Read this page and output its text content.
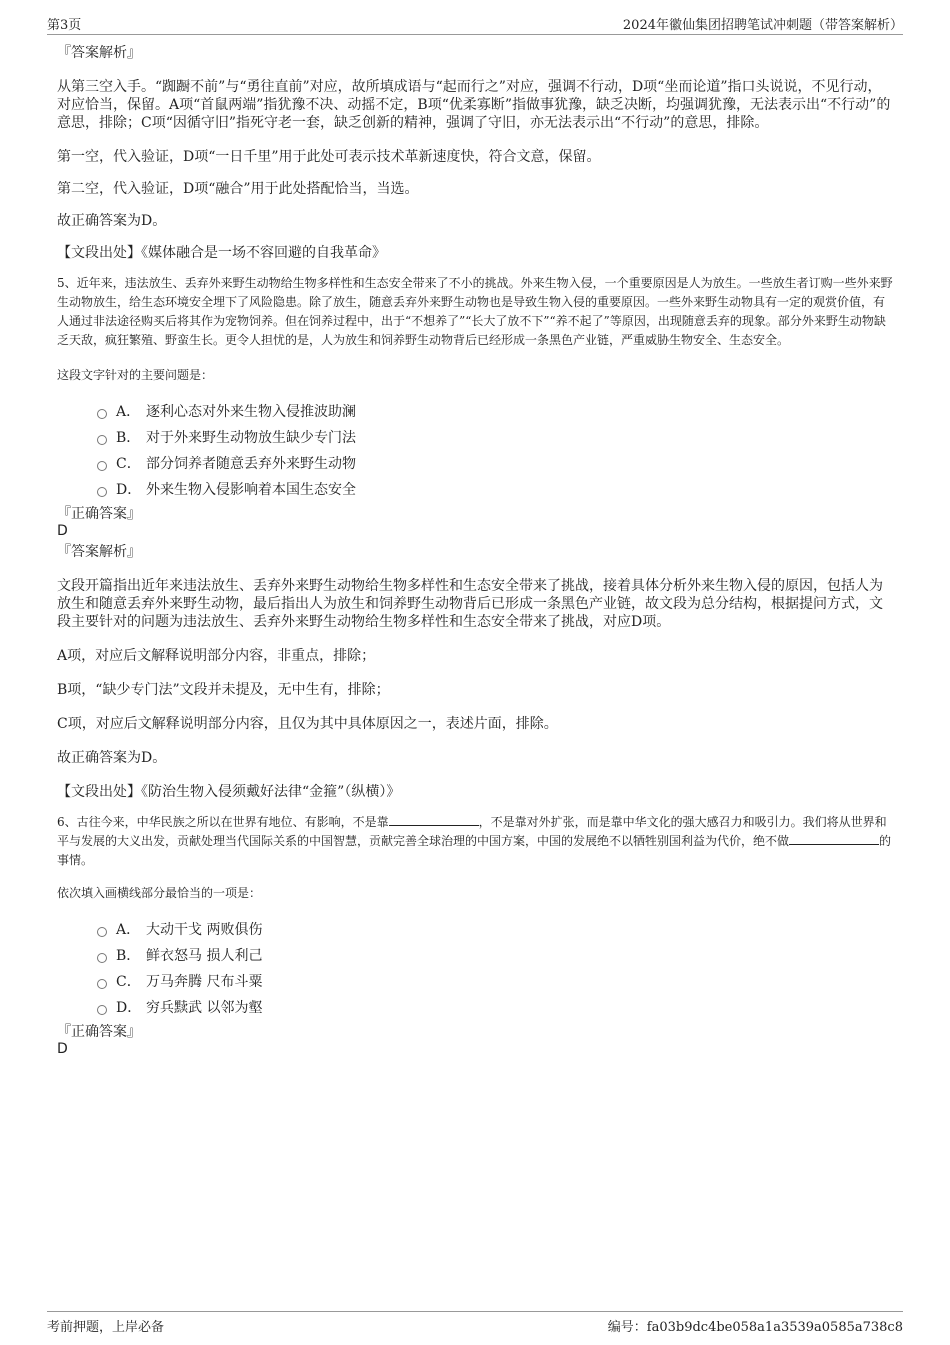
第3页	2024年徽仙集团招聘笔试冲刺题（带答案解析）

『答案解析』

从第三空入手。“踟蹰不前”与“勇往直前”对应，故所填成语与“起而行之”对应，强调不行动，D项“坐而论道”指口头说说，不见行动，对应恰当，保留。A项“首鼠两端”指犹豫不决、动摇不定，B项“优柔寡断”指做事犹豫，缺乏决断，均强调犹豫，无法表示出“不行动”的意思，排除；C项“因循守旧”指死守老一套，缺乏创新的精神，强调了守旧，亦无法表示出“不行动”的意思，排除。

第一空，代入验证，D项“一日千里”用于此处可表示技术革新速度快，符合文意，保留。

第二空，代入验证，D项“融合”用于此处搭配恰当，当选。

故正确答案为D。

【文段出处】《媒体融合是一场不容回避的自我革命》

5、近年来，违法放生、丢弃外来野生动物给生物多样性和生态安全带来了不小的挑战。外来生物入侵，一个重要原因是人为放生。一些放生者订购一些外来野生动物放生，给生态环境安全埋下了风险隐患。除了放生，随意丢弃外来野生动物也是导致生物入侵的重要原因。一些外来野生动物具有一定的观赏价值，有人通过非法途径购买后将其作为宠物饲养。但在饲养过程中，出于“不想养了”“长大了放不下”“养不起了”等原因，出现随意丢弃的现象。部分外来野生动物缺乏天敌，疯狂繁殖、野蛮生长。更令人担忧的是，人为放生和饲养野生动物背后已经形成一条黑色产业链，严重威胁生物安全、生态安全。

这段文字针对的主要问题是：

A． 逐利心态对外来生物入侵推波助澜
B． 对于外来野生动物放生缺少专门法
C． 部分饲养者随意丢弃外来野生动物
D． 外来生物入侵影响着本国生态安全

『正确答案』

D

『答案解析』

文段开篇指出近年来违法放生、丢弃外来野生动物给生物多样性和生态安全带来了挑战，接着具体分析外来生物入侵的原因，包括人为放生和随意丢弃外来野生动物，最后指出人为放生和饲养野生动物背后已形成一条黑色产业链，故文段为总分结构，根据提问方式，文段主要针对的问题为违法放生、丢弃外来野生动物给生物多样性和生态安全带来了挑战，对应D项。

A项，对应后文解释说明部分内容，非重点，排除；

B项，“缺少专门法”文段并未提及，无中生有，排除；

C项，对应后文解释说明部分内容，且仅为其中具体原因之一，表述片面，排除。

故正确答案为D。

【文段出处】《防治生物入侵须戴好法律“金箍”（纵横）》

6、古往今来，中华民族之所以在世界有地位、有影响，不是靠	，不是靠对外扩张，而是靠中华文化的强大感召力和吸引力。我们将从世界和平与发展的大义出发，贡献处理当代国际关系的中国智慧，贡献完善全球治理的中国方案，中国的发展绝不以牺牲别国利益为代价，绝不做	的事情。

依次填入画横线部分最恰当的一项是：

A． 大动干戈 两败俱伤
B． 鲜衣怒马 损人利己
C． 万马奔腾 尺布斗粟
D． 穷兵黩武 以邻为壑

『正确答案』

D

考前押题，上岸必备	编号：fa03b9dc4be058a1a3539a0585a738c8
